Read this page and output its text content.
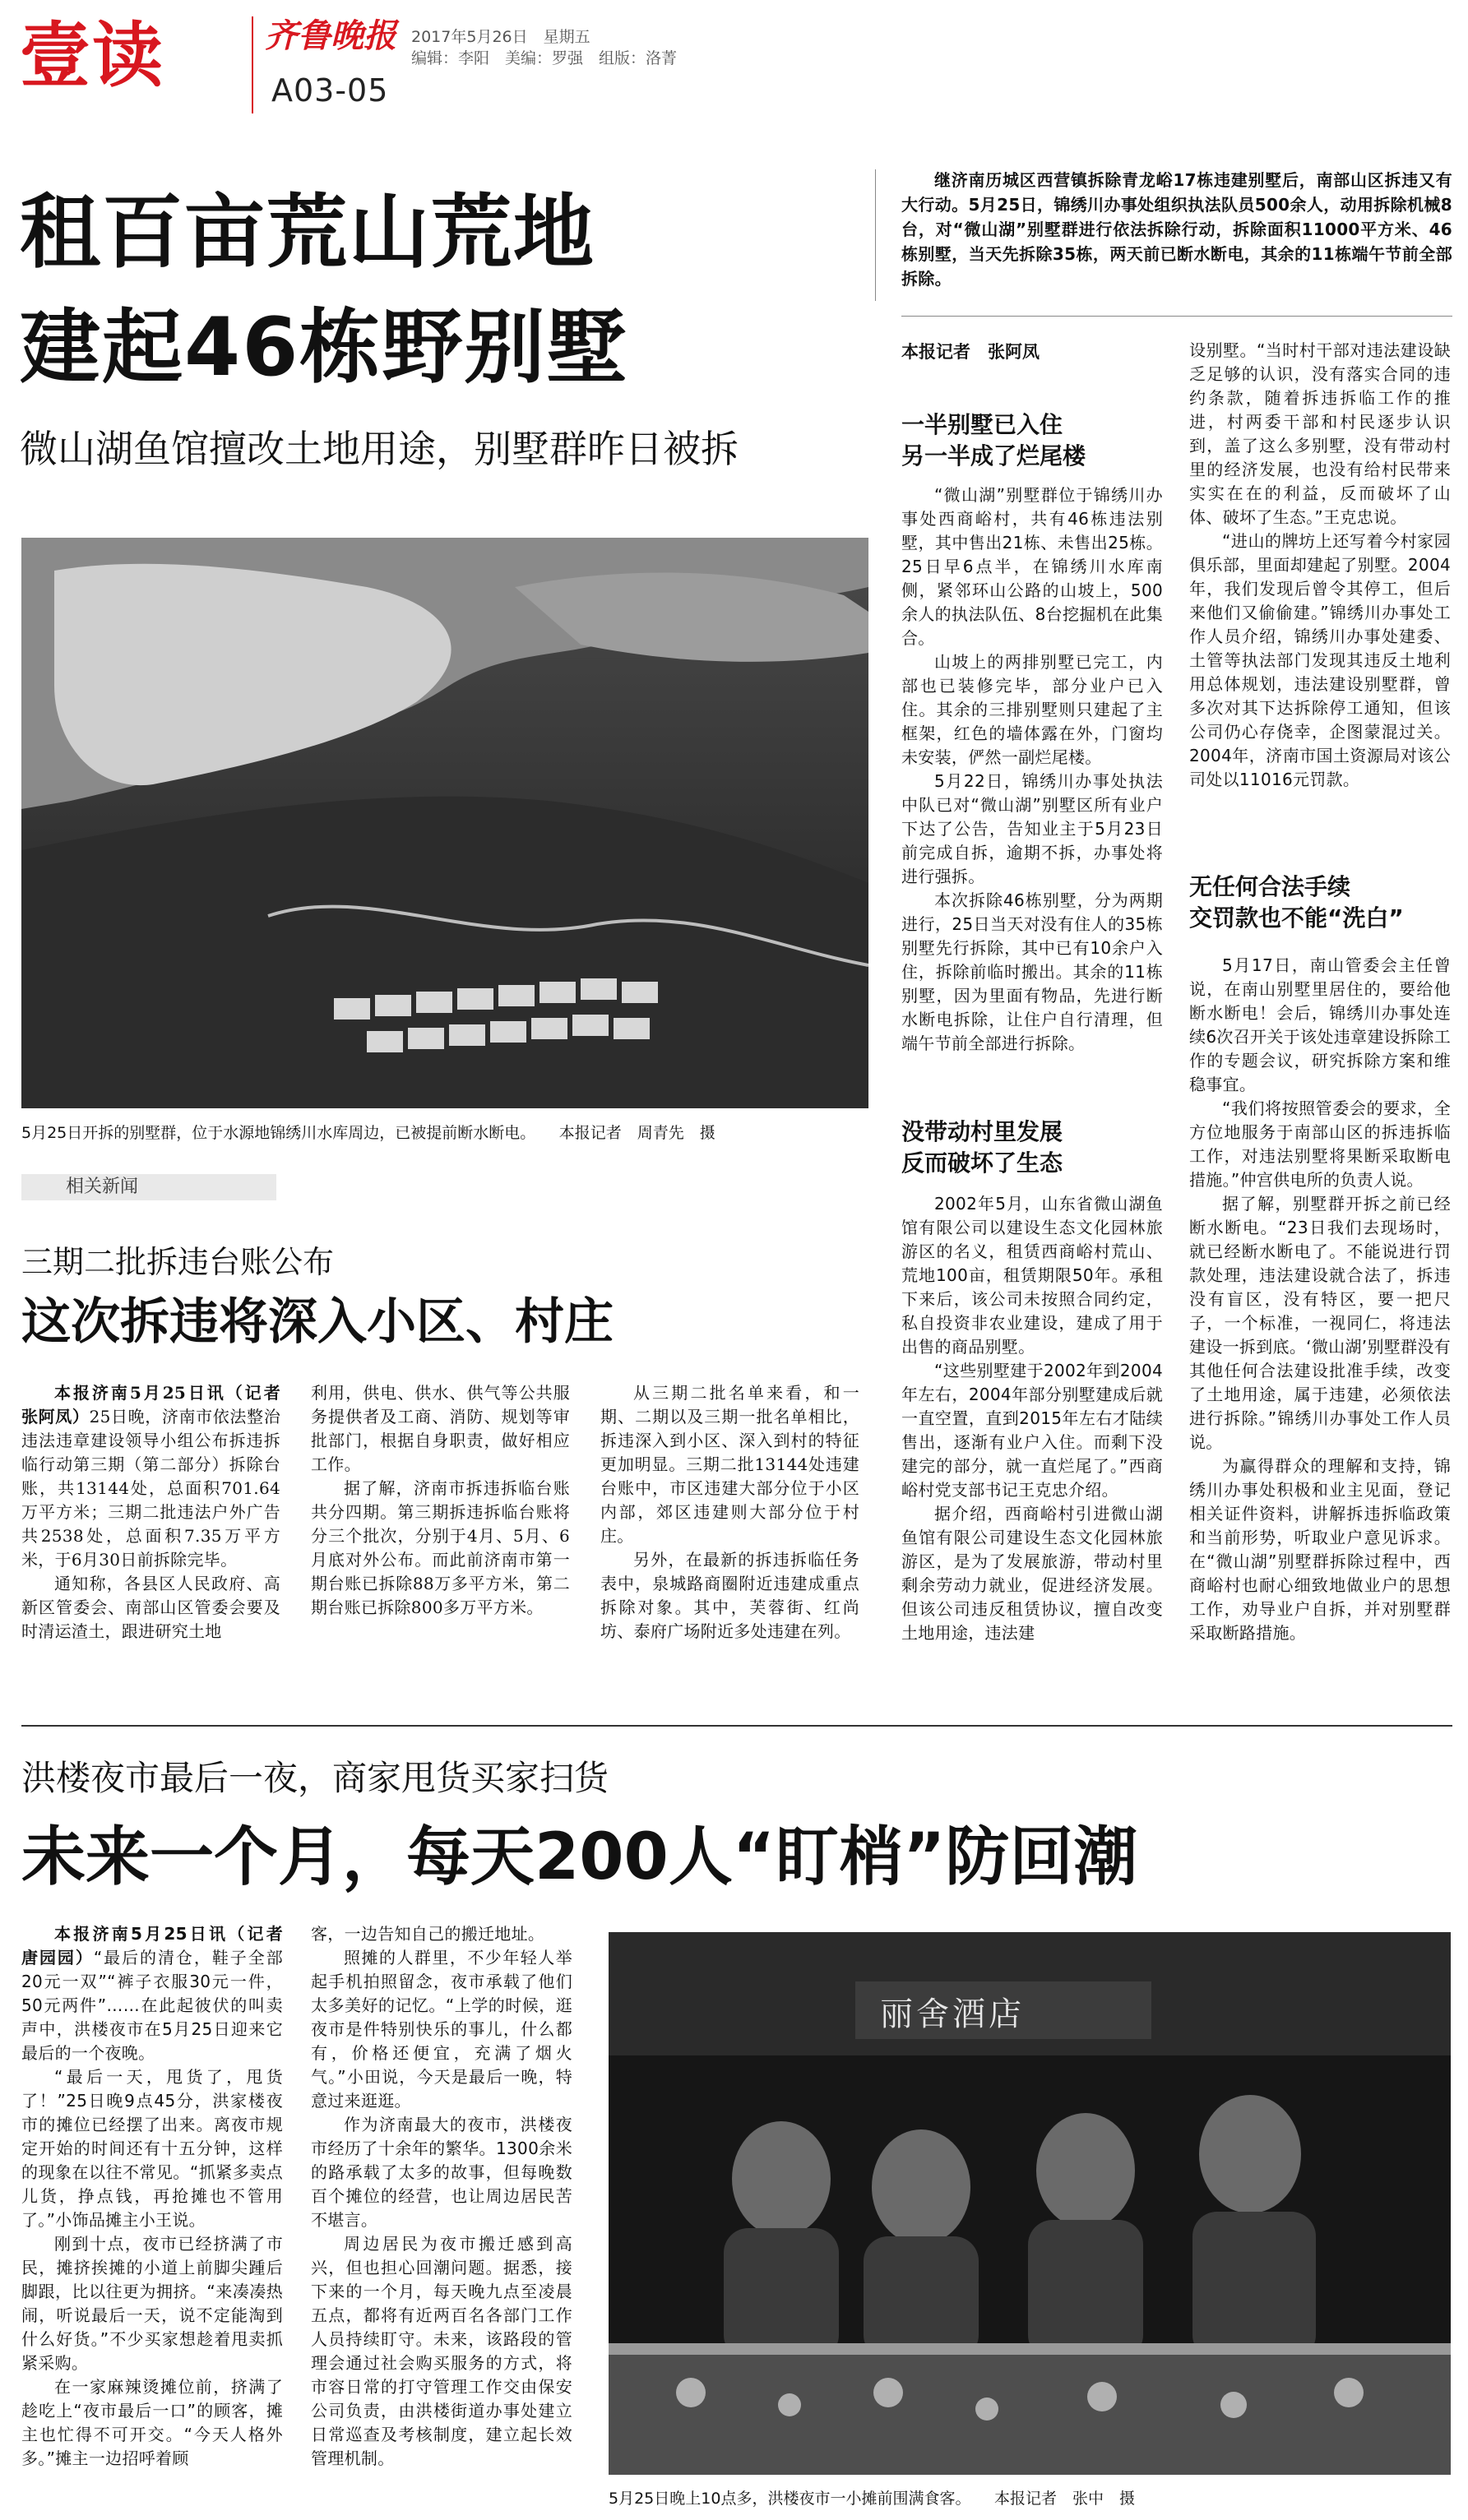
壹读	齐鲁晚报 2017年5月26日　星期五
编辑：李阳　美编：罗强　组版：洛菁
A03-05
租百亩荒山荒地
建起46栋野别墅
微山湖鱼馆擅改土地用途，别墅群昨日被拆
继济南历城区西营镇拆除青龙峪17栋违建别墅后，南部山区拆违又有大行动。5月25日，锦绣川办事处组织执法队员500余人，动用拆除机械8台，对“微山湖”别墅群进行依法拆除行动，拆除面积11000平方米、46栋别墅，当天先拆除35栋，两天前已断水断电，其余的11栋端午节前全部拆除。
5月25日开拆的别墅群，位于水源地锦绣川水库周边，已被提前断水断电。　　本报记者　周青先　摄
本报记者　张阿凤
一半别墅已入住
另一半成了烂尾楼

“微山湖”别墅群位于锦绣川办事处西商峪村，共有46栋违法别墅，其中售出21栋、未售出25栋。25日早6点半，在锦绣川水库南侧，紧邻环山公路的山坡上，500余人的执法队伍、8台挖掘机在此集合。

山坡上的两排别墅已完工，内部也已装修完毕，部分业户已入住。其余的三排别墅则只建起了主框架，红色的墙体露在外，门窗均未安装，俨然一副烂尾楼。

5月22日，锦绣川办事处执法中队已对“微山湖”别墅区所有业户下达了公告，告知业主于5月23日前完成自拆，逾期不拆，办事处将进行强拆。

本次拆除46栋别墅，分为两期进行，25日当天对没有住人的35栋别墅先行拆除，其中已有10余户入住，拆除前临时搬出。其余的11栋别墅，因为里面有物品，先进行断水断电拆除，让住户自行清理，但端午节前全部进行拆除。

没带动村里发展
反而破坏了生态

2002年5月，山东省微山湖鱼馆有限公司以建设生态文化园林旅游区的名义，租赁西商峪村荒山、荒地100亩，租赁期限50年。承租下来后，该公司未按照合同约定，私自投资非农业建设，建成了用于出售的商品别墅。

“这些别墅建于2002年到2004年左右，2004年部分别墅建成后就一直空置，直到2015年左右才陆续售出，逐渐有业户入住。而剩下没建完的部分，就一直烂尾了。”西商峪村党支部书记王克忠介绍。

据介绍，西商峪村引进微山湖鱼馆有限公司建设生态文化园林旅游区，是为了发展旅游，带动村里剩余劳动力就业，促进经济发展。但该公司违反租赁协议，擅自改变土地用途，违法建

设别墅。“当时村干部对违法建设缺乏足够的认识，没有落实合同的违约条款，随着拆违拆临工作的推进，村两委干部和村民逐步认识到，盖了这么多别墅，没有带动村里的经济发展，也没有给村民带来实实在在的利益，反而破坏了山体、破坏了生态。”王克忠说。

“进山的牌坊上还写着今村家园俱乐部，里面却建起了别墅。2004年，我们发现后曾令其停工，但后来他们又偷偷建。”锦绣川办事处工作人员介绍，锦绣川办事处建委、土管等执法部门发现其违反土地利用总体规划，违法建设别墅群，曾多次对其下达拆除停工通知，但该公司仍心存侥幸，企图蒙混过关。2004年，济南市国土资源局对该公司处以11016元罚款。

无任何合法手续
交罚款也不能“洗白”

5月17日，南山管委会主任曾说，在南山别墅里居住的，要给他断水断电！会后，锦绣川办事处连续6次召开关于该处违章建设拆除工作的专题会议，研究拆除方案和维稳事宜。

“我们将按照管委会的要求，全方位地服务于南部山区的拆违拆临工作，对违法别墅将果断采取断电措施。”仲宫供电所的负责人说。

据了解，别墅群开拆之前已经断水断电。“23日我们去现场时，就已经断水断电了。不能说进行罚款处理，违法建设就合法了，拆违没有盲区，没有特区，要一把尺子，一个标准，一视同仁，将违法建设一拆到底。‘微山湖’别墅群没有其他任何合法建设批准手续，改变了土地用途，属于违建，必须依法进行拆除。”锦绣川办事处工作人员说。

为赢得群众的理解和支持，锦绣川办事处积极和业主见面，登记相关证件资料，讲解拆违拆临政策和当前形势，听取业户意见诉求。在“微山湖”别墅群拆除过程中，西商峪村也耐心细致地做业户的思想工作，劝导业户自拆，并对别墅群采取断路措施。

相关新闻
三期二批拆违台账公布
这次拆违将深入小区、村庄

本报济南5月25日讯（记者　张阿凤）25日晚，济南市依法整治违法违章建设领导小组公布拆违拆临行动第三期（第二部分）拆除台账，共13144处，总面积701.64万平方米；三期二批违法户外广告共2538处，总面积7.35万平方米，于6月30日前拆除完毕。

通知称，各县区人民政府、高新区管委会、南部山区管委会要及时清运渣土，跟进研究土地

利用，供电、供水、供气等公共服务提供者及工商、消防、规划等审批部门，根据自身职责，做好相应工作。

据了解，济南市拆违拆临台账共分四期。第三期拆违拆临台账将分三个批次，分别于4月、5月、6月底对外公布。而此前济南市第一期台账已拆除88万多平方米，第二期台账已拆除800多万平方米。

从三期二批名单来看，和一期、二期以及三期一批名单相比，拆违深入到小区、深入到村的特征更加明显。三期二批13144处违建台账中，市区违建大部分位于小区内部，郊区违建则大部分位于村庄。

另外，在最新的拆违拆临任务表中，泉城路商圈附近违建成重点拆除对象。其中，芙蓉街、红尚坊、泰府广场附近多处违建在列。

洪楼夜市最后一夜，商家甩货买家扫货
未来一个月，每天200人“盯梢”防回潮

本报济南5月25日讯（记者　唐园园）“最后的清仓，鞋子全部20元一双”“裤子衣服30元一件，50元两件”……在此起彼伏的叫卖声中，洪楼夜市在5月25日迎来它最后的一个夜晚。

“最后一天，甩货了，甩货了！”25日晚9点45分，洪家楼夜市的摊位已经摆了出来。离夜市规定开始的时间还有十五分钟，这样的现象在以往不常见。“抓紧多卖点儿货，挣点钱，再抢摊也不管用了。”小饰品摊主小王说。

刚到十点，夜市已经挤满了市民，摊挤挨摊的小道上前脚尖踵后脚跟，比以往更为拥挤。“来凑凑热闹，听说最后一天，说不定能淘到什么好货。”不少买家想趁着甩卖抓紧采购。

在一家麻辣烫摊位前，挤满了趁吃上“夜市最后一口”的顾客，摊主也忙得不可开交。“今天人格外多。”摊主一边招呼着顾

客，一边告知自己的搬迁地址。

照摊的人群里，不少年轻人举起手机拍照留念，夜市承载了他们太多美好的记忆。“上学的时候，逛夜市是件特别快乐的事儿，什么都有，价格还便宜，充满了烟火气。”小田说，今天是最后一晚，特意过来逛逛。

作为济南最大的夜市，洪楼夜市经历了十余年的繁华。1300余米的路承载了太多的故事，但每晚数百个摊位的经营，也让周边居民苦不堪言。

周边居民为夜市搬迁感到高兴，但也担心回潮问题。据悉，接下来的一个月，每天晚九点至凌晨五点，都将有近两百名各部门工作人员持续盯守。未来，该路段的管理会通过社会购买服务的方式，将市容日常的打守管理工作交由保安公司负责，由洪楼街道办事处建立日常巡查及考核制度，建立起长效管理机制。

丽舍酒店
5月25日晚上10点多，洪楼夜市一小摊前围满食客。　　本报记者　张中　摄
